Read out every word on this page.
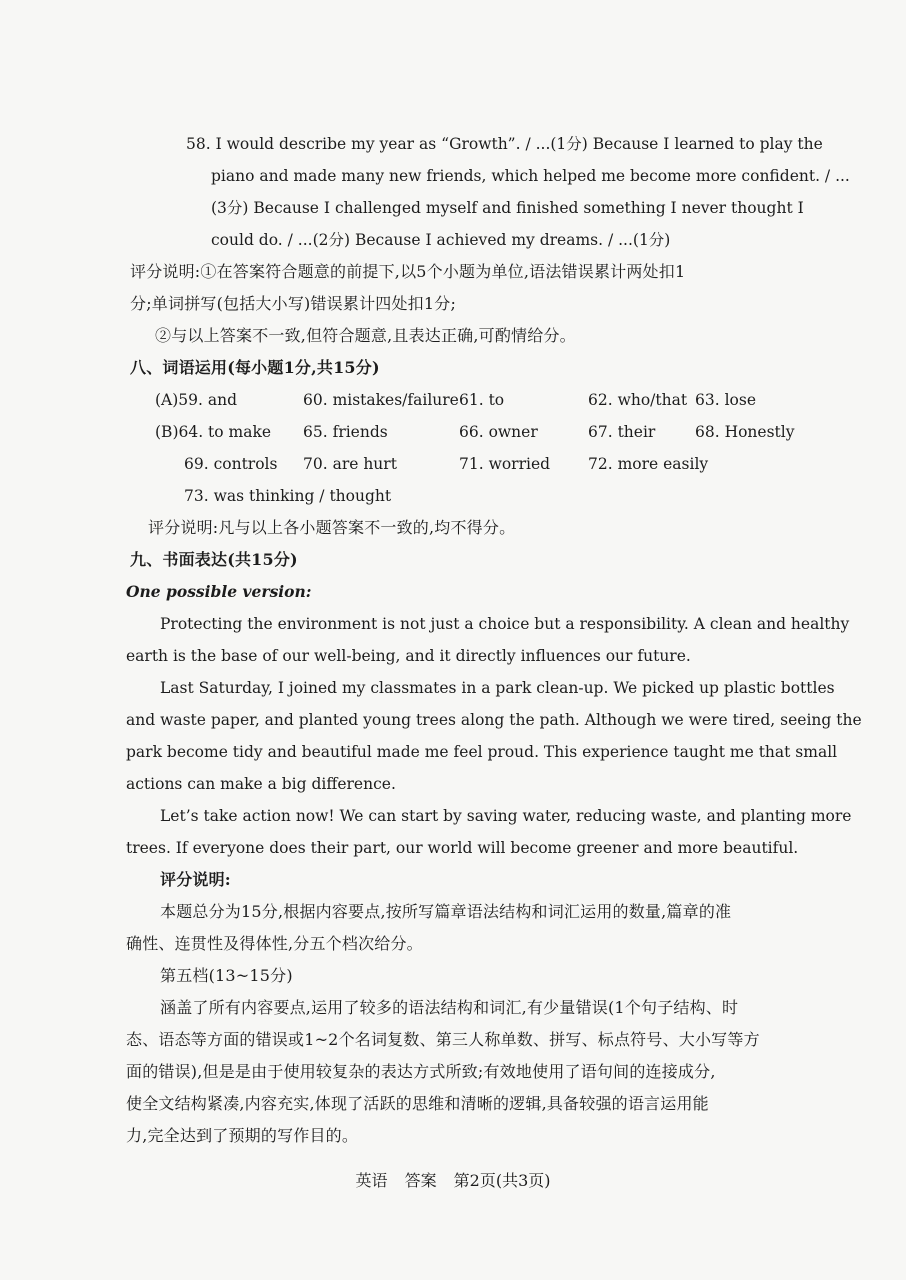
58. I would describe my year as “Growth”. / ...(1分) Because I learned to play the
piano and made many new friends, which helped me become more confident. / ...
(3分) Because I challenged myself and finished something I never thought I
could do. / ...(2分) Because I achieved my dreams. / ...(1分)
评分说明:①在答案符合题意的前提下,以5个小题为单位,语法错误累计两处扣1
分;单词拼写(包括大小写)错误累计四处扣1分;
②与以上答案不一致,但符合题意,且表达正确,可酌情给分。
八、词语运用(每小题1分,共15分)
(A)59. and	60. mistakes/failure 61. to	62. who/that 63. lose
(B)64. to make 65. friends	66. owner	67. their	68. Honestly
69. controls 70. are hurt	71. worried 72. more easily
73. was thinking / thought
评分说明:凡与以上各小题答案不一致的,均不得分。
九、书面表达(共15分)
One possible version:
Protecting the environment is not just a choice but a responsibility. A clean and healthy
earth is the base of our well-being, and it directly influences our future.
Last Saturday, I joined my classmates in a park clean-up. We picked up plastic bottles
and waste paper, and planted young trees along the path. Although we were tired, seeing the
park become tidy and beautiful made me feel proud. This experience taught me that small
actions can make a big difference.
Let’s take action now! We can start by saving water, reducing waste, and planting more
trees. If everyone does their part, our world will become greener and more beautiful.
评分说明:
本题总分为15分,根据内容要点,按所写篇章语法结构和词汇运用的数量,篇章的准
确性、连贯性及得体性,分五个档次给分。
第五档(13~15分)
涵盖了所有内容要点,运用了较多的语法结构和词汇,有少量错误(1个句子结构、时
态、语态等方面的错误或1~2个名词复数、第三人称单数、拼写、标点符号、大小写等方
面的错误),但是是由于使用较复杂的表达方式所致;有效地使用了语句间的连接成分,
使全文结构紧凑,内容充实,体现了活跃的思维和清晰的逻辑,具备较强的语言运用能
力,完全达到了预期的写作目的。
英语 答案 第2页(共3页)
